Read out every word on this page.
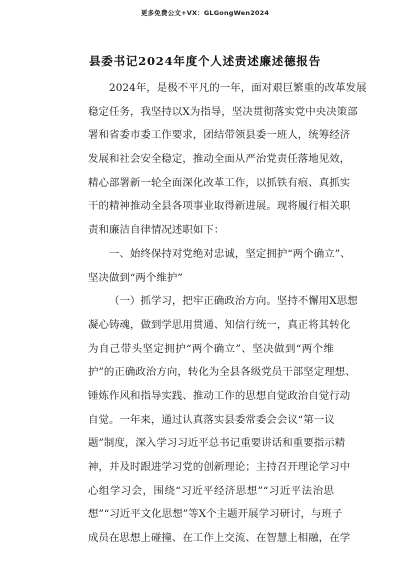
更多免费公文+VX：GLGongWen2024
县委书记2024年度个人述责述廉述德报告
2024年，是极不平凡的一年，面对艰巨繁重的改革发展
稳定任务，我坚持以X为指导，坚决贯彻落实党中央决策部
署和省委市委工作要求，团结带领县委一班人，统筹经济
发展和社会安全稳定，推动全面从严治党责任落地见效，
精心部署新一轮全面深化改革工作，以抓铁有痕、真抓实
干的精神推动全县各项事业取得新进展。现将履行相关职
责和廉洁自律情况述职如下：
一、始终保持对党绝对忠诚，坚定拥护“两个确立”、
坚决做到“两个维护”
（一）抓学习，把牢正确政治方向。坚持不懈用X思想
凝心铸魂，做到学思用贯通、知信行统一，真正将其转化
为自己带头坚定拥护“两个确立”、坚决做到“两个维
护”的正确政治方向，转化为全县各级党员干部坚定理想、
锤炼作风和指导实践、推动工作的思想自觉政治自觉行动
自觉。一年来，通过认真落实县委常委会会议“第一议
题”制度，深入学习习近平总书记重要讲话和重要指示精
神，并及时跟进学习党的创新理论；主持召开理论学习中
心组学习会，围绕“习近平经济思想”“习近平法治思
想”“习近平文化思想”等X个主题开展学习研讨，与班子
成员在思想上碰撞、在工作上交流、在智慧上相融，在学
